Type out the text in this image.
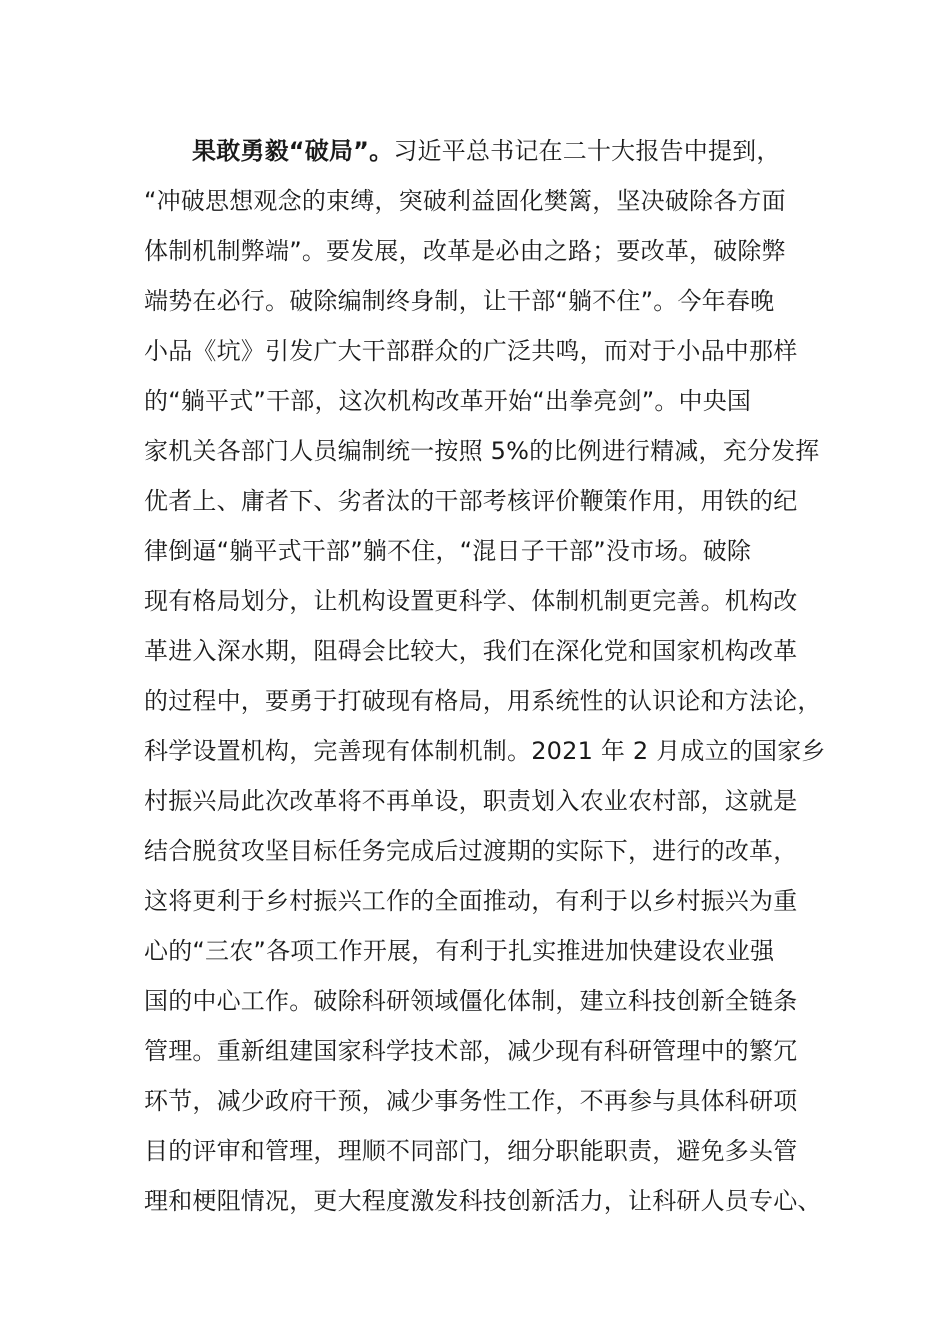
果敢勇毅“破局”。习近平总书记在二十大报告中提到，
“冲破思想观念的束缚，突破利益固化樊篱，坚决破除各方面
体制机制弊端”。要发展，改革是必由之路；要改革，破除弊
端势在必行。破除编制终身制，让干部“躺不住”。今年春晚
小品《坑》引发广大干部群众的广泛共鸣，而对于小品中那样
的“躺平式”干部，这次机构改革开始“出拳亮剑”。中央国
家机关各部门人员编制统一按照 5%的比例进行精减，充分发挥
优者上、庸者下、劣者汰的干部考核评价鞭策作用，用铁的纪
律倒逼“躺平式干部”躺不住，“混日子干部”没市场。破除
现有格局划分，让机构设置更科学、体制机制更完善。机构改
革进入深水期，阻碍会比较大，我们在深化党和国家机构改革
的过程中，要勇于打破现有格局，用系统性的认识论和方法论，
科学设置机构，完善现有体制机制。2021 年 2 月成立的国家乡
村振兴局此次改革将不再单设，职责划入农业农村部，这就是
结合脱贫攻坚目标任务完成后过渡期的实际下，进行的改革，
这将更利于乡村振兴工作的全面推动，有利于以乡村振兴为重
心的“三农”各项工作开展，有利于扎实推进加快建设农业强
国的中心工作。破除科研领域僵化体制，建立科技创新全链条
管理。重新组建国家科学技术部，减少现有科研管理中的繁冗
环节，减少政府干预，减少事务性工作，不再参与具体科研项
目的评审和管理，理顺不同部门，细分职能职责，避免多头管
理和梗阻情况，更大程度激发科技创新活力，让科研人员专心、
